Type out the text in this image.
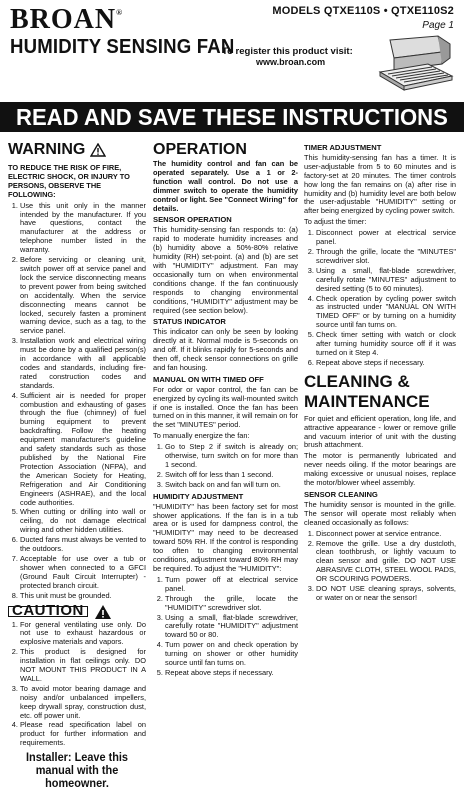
BROAN®
HUMIDITY SENSING FAN
MODELS QTXE110S • QTXE110S2
Page 1
To register this product visit:
www.broan.com
READ AND SAVE THESE INSTRUCTIONS
WARNING
TO REDUCE THE RISK OF FIRE, ELECTRIC SHOCK, OR INJURY TO PERSONS, OBSERVE THE FOLLOWING:
1. Use this unit only in the manner intended by the manufacturer. If you have questions, contact the manufacturer at the address or telephone number listed in the warranty.
2. Before servicing or cleaning unit, switch power off at service panel and lock the service disconnecting means to prevent power from being switched on accidentally. When the service disconnecting means cannot be locked, securely fasten a prominent warning device, such as a tag, to the service panel.
3. Installation work and electrical wiring must be done by a qualified person(s) in accordance with all applicable codes and standards, including fire-rated construction codes and standards.
4. Sufficient air is needed for proper combustion and exhausting of gases through the flue (chimney) of fuel burning equipment to prevent backdrafting. Follow the heating equipment manufacturer's guideline and safety standards such as those published by the National Fire Protection Association (NFPA), and the American Society for Heating, Refrigeration and Air Conditioning Engineers (ASHRAE), and the local code authorities.
5. When cutting or drilling into wall or ceiling, do not damage electrical wiring and other hidden utilities.
6. Ducted fans must always be vented to the outdoors.
7. Acceptable for use over a tub or shower when connected to a GFCI (Ground Fault Circuit Interrupter) - protected branch circuit.
8. This unit must be grounded.
CAUTION
1. For general ventilating use only. Do not use to exhaust hazardous or explosive materials and vapors.
2. This product is designed for installation in flat ceilings only. DO NOT MOUNT THIS PRODUCT IN A WALL.
3. To avoid motor bearing damage and noisy and/or unbalanced impellers, keep drywall spray, construction dust, etc. off power unit.
4. Please read specification label on product for further information and requirements.
Installer: Leave this manual with the homeowner.
OPERATION

The humidity control and fan can be operated separately. Use a 1 or 2-function wall control. Do not use a dimmer switch to operate the humidity control or light. See "Connect Wiring" for details.

SENSOR OPERATION

This humidity-sensing fan responds to: (a) rapid to moderate humidity increases and (b) humidity above a 50%-80% relative humidity (RH) set-point. (a) and (b) are set with "HUMIDITY" adjustment. Fan may occasionally turn on when environmental conditions change. If the fan continuously responds to changing environmental conditions, "HUMIDITY" adjustment may be required (see section below).

STATUS INDICATOR

This indicator can only be seen by looking directly at it. Normal mode is 5-seconds on and off. If it blinks rapidly for 5-seconds and then off, check sensor connections on grille and fan housing.

MANUAL ON WITH TIMED OFF

For odor or vapor control, the fan can be energized by cycling its wall-mounted switch if one is installed. Once the fan has been turned on in this manner, it will remain on for the set "MINUTES" period.

To manually energize the fan:

1. Go to Step 2 if switch is already on; otherwise, turn switch on for more than 1 second.
2. Switch off for less than 1 second.
3. Switch back on and fan will turn on.
HUMIDITY ADJUSTMENT

"HUMIDITY" has been factory set for most shower applications. If the fan is in a tub area or is used for dampness control, the "HUMIDITY" may need to be decreased toward 50% RH. If the control is responding too often to changing environmental conditions, adjustment toward 80% RH may be required. To adjust the "HUMIDITY":

1. Turn power off at electrical service panel.
2. Through the grille, locate the "HUMIDITY" screwdriver slot.
3. Using a small, flat-blade screwdriver, carefully rotate "HUMIDITY" adjustment toward 50 or 80.
4. Turn power on and check operation by turning on shower or other humidity source until fan turns on.
5. Repeat above steps if necessary.
TIMER ADJUSTMENT

This humidity-sensing fan has a timer. It is user-adjustable from 5 to 60 minutes and is factory-set at 20 minutes. The timer controls how long the fan remains on (a) after rise in humidity and (b) humidity level are both below the user-adjustable "HUMIDITY" setting or after being energized by cycling power switch.

To adjust the timer:

1. Disconnect power at electrical service panel.
2. Through the grille, locate the "MINUTES" screwdriver slot.
3. Using a small, flat-blade screwdriver, carefully rotate "MINUTES" adjustment to desired setting (5 to 60 minutes).
4. Check operation by cycling power switch as instructed under "MANUAL ON WITH TIMED OFF" or by turning on a humidity source until fan turns on.
5. Check timer setting with watch or clock after turning humidity source off if it was turned on it Step 4.
6. Repeat above steps if necessary.
CLEANING & MAINTENANCE

For quiet and efficient operation, long life, and attractive appearance - lower or remove grille and vacuum interior of unit with the dusting brush attachment.

The motor is permanently lubricated and never needs oiling. If the motor bearings are making excessive or unusual noises, replace the motor/blower wheel assembly.

SENSOR CLEANING

The humidity sensor is mounted in the grille. The sensor will operate most reliably when cleaned occasionally as follows:

1. Disconnect power at service entrance.
2. Remove the grille. Use a dry dustcloth, clean toothbrush, or lightly vacuum to clean sensor and grille. DO NOT USE ABRASIVE CLOTH, STEEL WOOL PADS, OR SCOURING POWDERS.
3. DO NOT USE cleaning sprays, solvents, or water on or near the sensor!
